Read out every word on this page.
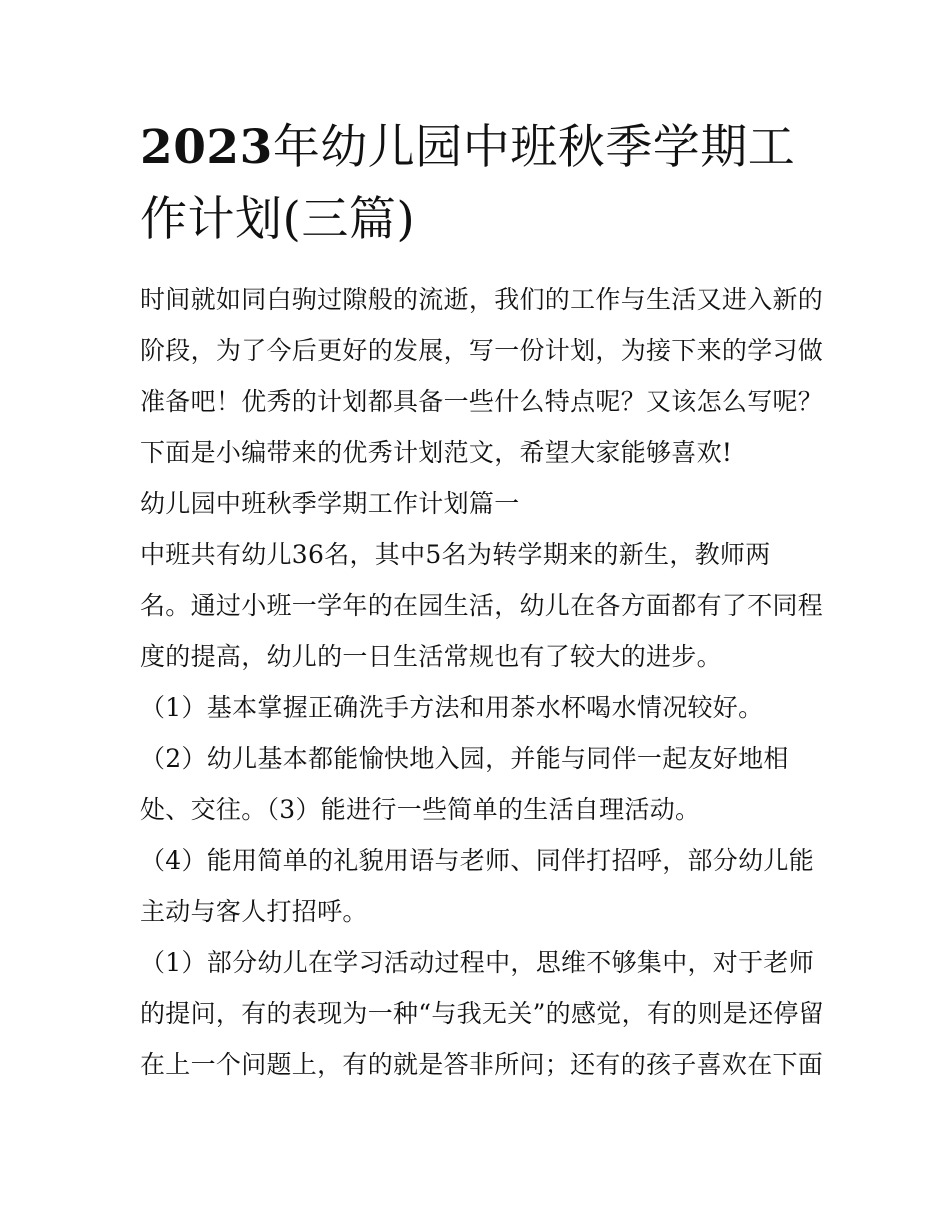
2023年幼儿园中班秋季学期工
作计划(三篇)
时间就如同白驹过隙般的流逝，我们的工作与生活又进入新的
阶段，为了今后更好的发展，写一份计划，为接下来的学习做
准备吧！优秀的计划都具备一些什么特点呢？又该怎么写呢？
下面是小编带来的优秀计划范文，希望大家能够喜欢!
幼儿园中班秋季学期工作计划篇一
中班共有幼儿36名，其中5名为转学期来的新生，教师两
名。通过小班一学年的在园生活，幼儿在各方面都有了不同程
度的提高，幼儿的一日生活常规也有了较大的进步。
（1）基本掌握正确洗手方法和用茶水杯喝水情况较好。
（2）幼儿基本都能愉快地入园，并能与同伴一起友好地相
处、交往。（3）能进行一些简单的生活自理活动。
（4）能用简单的礼貌用语与老师、同伴打招呼，部分幼儿能
主动与客人打招呼。
（1）部分幼儿在学习活动过程中，思维不够集中，对于老师
的提问，有的表现为一种“与我无关”的感觉，有的则是还停留
在上一个问题上，有的就是答非所问；还有的孩子喜欢在下面
